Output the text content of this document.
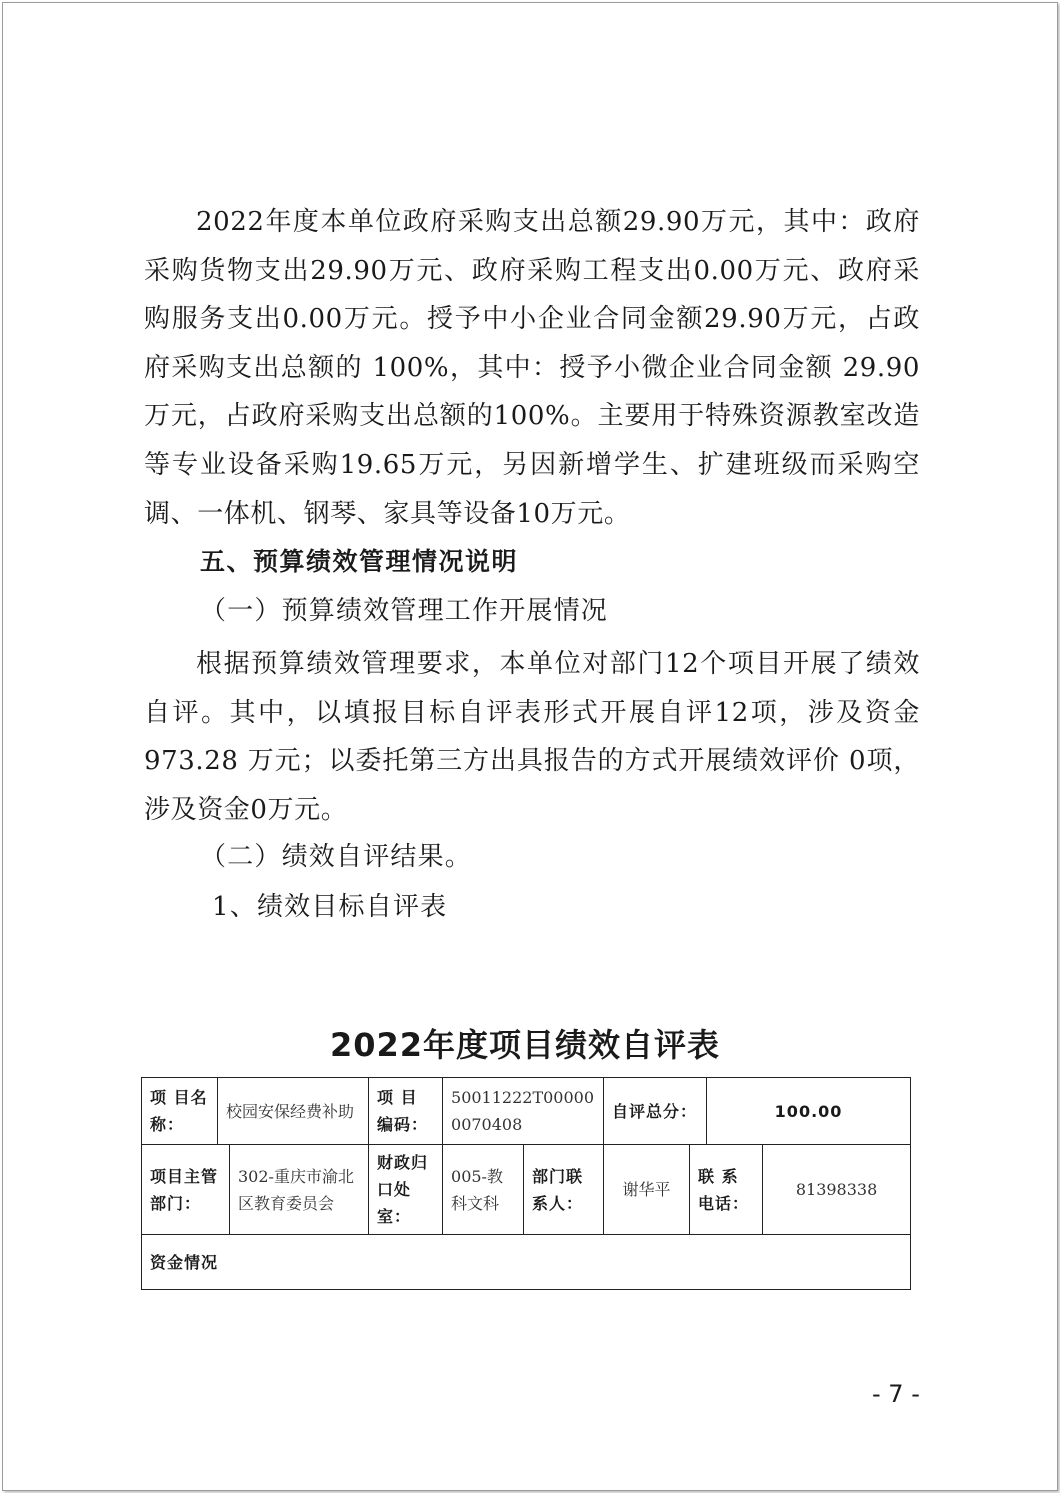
2022年度本单位政府采购支出总额29.90万元，其中：政府采购货物支出29.90万元、政府采购工程支出0.00万元、政府采购服务支出0.00万元。授予中小企业合同金额29.90万元，占政府采购支出总额的 100%，其中：授予小微企业合同金额 29.90万元，占政府采购支出总额的100%。主要用于特殊资源教室改造等专业设备采购19.65万元，另因新增学生、扩建班级而采购空调、一体机、钢琴、家具等设备10万元。

五、预算绩效管理情况说明

（一）预算绩效管理工作开展情况

根据预算绩效管理要求，本单位对部门12个项目开展了绩效自评。其中，以填报目标自评表形式开展自评12项，涉及资金 973.28 万元；以委托第三方出具报告的方式开展绩效评价 0项，涉及资金0万元。

（二）绩效自评结果。

1、绩效目标自评表

2022年度项目绩效自评表

项 目名称：	校园安保经费补助		项 目编码：	50011222T000000070408		自评总分：		100.00	
项目主管部门：		302-重庆市渝北区教育委员会	财政归口处室：	005-教科文科	部门联系人：	谢华平	联 系电话：		81398338
资金情况									

- 7 -
